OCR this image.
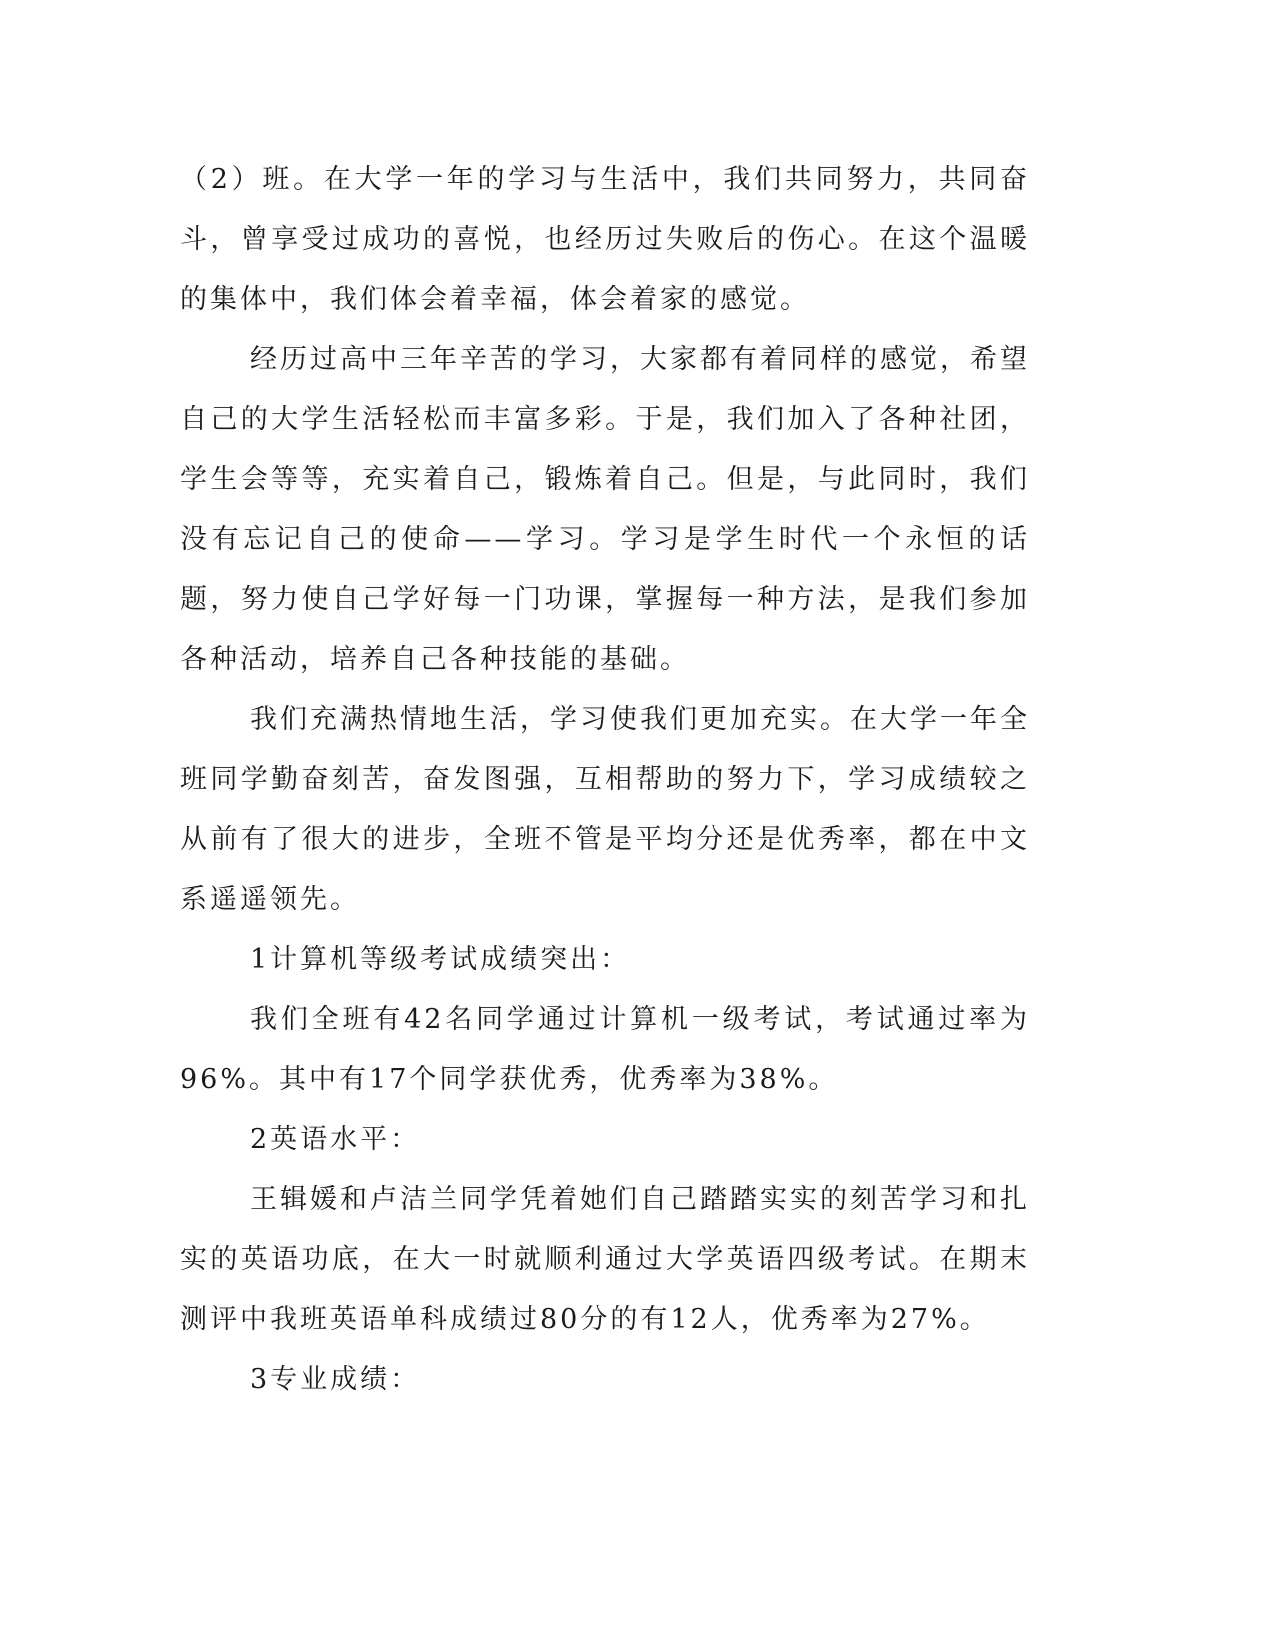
（2）班。在大学一年的学习与生活中，我们共同努力，共同奋斗，曾享受过成功的喜悦，也经历过失败后的伤心。在这个温暖的集体中，我们体会着幸福，体会着家的感觉。

经历过高中三年辛苦的学习，大家都有着同样的感觉，希望自己的大学生活轻松而丰富多彩。于是，我们加入了各种社团，学生会等等，充实着自己，锻炼着自己。但是，与此同时，我们没有忘记自己的使命——学习。学习是学生时代一个永恒的话题，努力使自己学好每一门功课，掌握每一种方法，是我们参加各种活动，培养自己各种技能的基础。

我们充满热情地生活，学习使我们更加充实。在大学一年全班同学勤奋刻苦，奋发图强，互相帮助的努力下，学习成绩较之从前有了很大的进步，全班不管是平均分还是优秀率，都在中文系遥遥领先。

1计算机等级考试成绩突出：

我们全班有42名同学通过计算机一级考试，考试通过率为96%。其中有17个同学获优秀，优秀率为38%。

2英语水平：

王辑媛和卢洁兰同学凭着她们自己踏踏实实的刻苦学习和扎实的英语功底，在大一时就顺利通过大学英语四级考试。在期末测评中我班英语单科成绩过80分的有12人，优秀率为27%。

3专业成绩：
